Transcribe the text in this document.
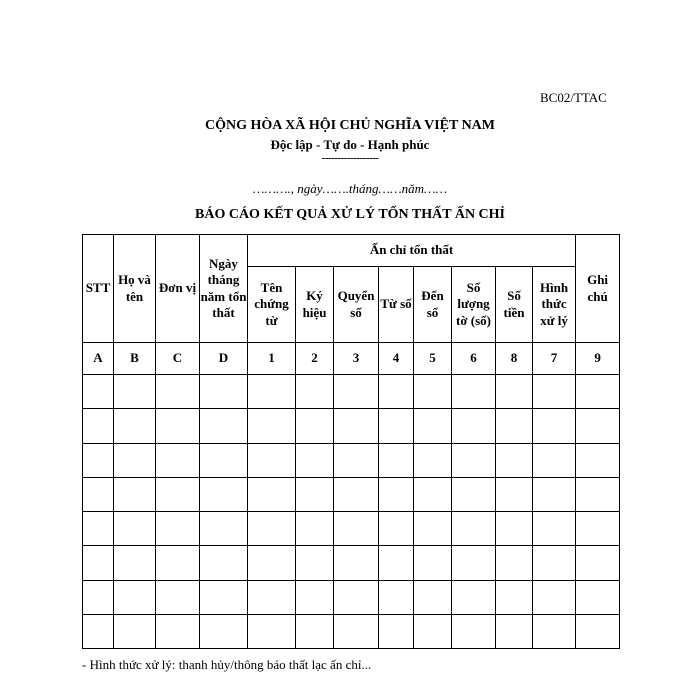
BC02/TTAC
CỘNG HÒA XÃ HỘI CHỦ NGHĨA VIỆT NAM
Độc lập - Tự do - Hạnh phúc
------------------
………., ngày…….tháng……năm……
BÁO CÁO KẾT QUẢ XỬ LÝ TỔN THẤT ẤN CHỈ
STT	Họ và tên	Đơn vị	Ngày tháng năm tổn thất	Ấn chỉ tổn thất								Ghi chú
				Tên chứng từ	Ký hiệu	Quyển số	Từ số	Đến số	Số lượng tờ (số)	Số tiền	Hình thức xử lý	
A	B	C	D	1	2	3	4	5	6	8	7	9

- Hình thức xử lý: thanh hủy/thông báo thất lạc ấn chỉ...
